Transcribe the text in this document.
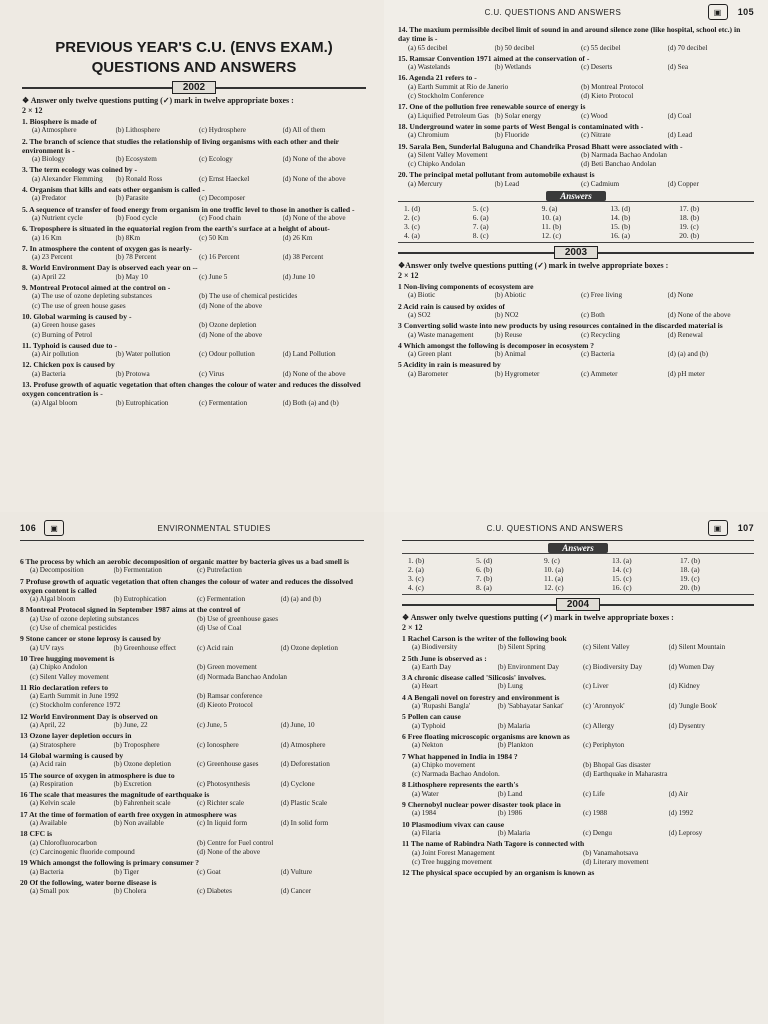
PREVIOUS YEAR'S C.U. (ENVS EXAM.)
QUESTIONS AND ANSWERS
2002
❖ Answer only twelve questions putting (✓) mark in twelve appropriate boxes :
2 × 12
1. Biosphere is made of
(a) Atmosphere	(b) Lithosphere	(c) Hydrosphere	(d) All of them
2. The branch of science that studies the relationship of living organisms with each other and their environment is -
(a) Biology	(b) Ecosystem	(c) Ecology	(d) None of the above
3. The term ecology was coined by -
(a) Alexander Flemming	(b) Ronald Ross	(c) Ernst Haeckel	(d) None of the above
4. Organism that kills and eats other organism is called -
(a) Predator	(b) Parasite	(c) Decomposer
5. A sequence of transfer of food energy from organism in one troffic level to those in another is called -
(a) Nutrient cycle	(b) Food cycle	(c) Food chain	(d) None of the above
6. Troposphere is situated in the equatorial region from the earth's surface at a height of about-
(a) 16 Km	(b) 8Km	(c) 50 Km	(d) 26 Km
7. In atmosphere the content of oxygen gas is nearly-
(a) 23 Percent	(b) 78 Percent	(c) 16 Percent	(d) 38 Percent
8. World Environment Day is observed each year on --
(a) April 22	(b) May 10	(c) June 5	(d) June 10
9. Montreal Protocol aimed at the control on -
(a) The use of ozone depleting substances	(b) The use of chemical pesticides
(c) The use of green house gases	(d) None of the above
10. Global warming is caused by -
(a) Green house gases	(b) Ozone depletion
(c) Burning of Petrol	(d) None of the above
11. Typhoid is caused due to -
(a) Air pollution	(b) Water pollution	(c) Odour pollution	(d) Land Pollution
12. Chicken pox is caused by
(a) Bacteria	(b) Protowa	(c) Virus	(d) None of the above
13. Profuse growth of aquatic vegetation that often changes the colour of water and reduces the dissolved oxygen concentration is -
(a) Algal bloom	(b) Eutrophication	(c) Fermentation	(d) Both (a) and (b)
C.U. QUESTIONS AND ANSWERS	▣	105
14. The maxium permissible decibel limit of sound in and around silence zone (like hospital, school etc.) in day time is -
(a) 65 decibel	(b) 50 decibel	(c) 55 decibel	(d) 70 decibel
15. Ramsar Convention 1971 aimed at the conservation of -
(a) Wastelands	(b) Wetlands	(c) Deserts	(d) Sea
16. Agenda 21 refers to -
(a) Earth Summit at Rio de Janerio	(b) Montreal Protocol
(c) Stockholm Conference	(d) Kieto Protocol
17. One of the pollution free renewable source of energy is
(a) Liquified Petroleum Gas (b) Solar energy	(c) Wood	(d) Coal
18. Underground water in some parts of West Bengal is contaminated with -
(a) Chromium	(b) Fluoride	(c) Nitrate	(d) Lead
19. Sarala Ben, Sunderlal Baluguna and Chandrika Prosad Bhatt were associated with -
(a) Silent Valley Movement	(b) Narmada Bachao Andolan
(c) Chipko Andolan	(d) Beti Banchao Andolan
20. The principal metal pollutant from automobile exhaust is
(a) Mercury	(b) Lead	(c) Cadmium	(d) Copper
Answers
1. (d)	5. (c)	9. (a)	13. (d)	17. (b)
2. (c)	6. (a)	10. (a)	14. (b)	18. (b)
3. (c)	7. (a)	11. (b)	15. (b)	19. (c)
4. (a)	8. (c)	12. (c)	16. (a)	20. (b)
2003
❖Answer only twelve questions putting (✓) mark in twelve appropriate boxes :
2 × 12
1 Non-living components of ecosystem are
(a) Biotic	(b) Abiotic	(c) Free living	(d) None
2 Acid rain is caused by oxides of
(a) SO2	(b) NO2	(c) Both	(d) None of the above
3 Converting solid waste into new products by using resources contained in the discarded material is
(a) Waste management	(b) Reuse	(c) Recycling	(d) Renewal
4 Which amongst the following is decomposer in ecosystem ?
(a) Green plant	(b) Animal	(c) Bacteria	(d) (a) and (b)
5 Acidity in rain is measured by
(a) Barometer	(b) Hygrometer	(c) Ammeter	(d) pH meter
106	▣	ENVIRONMENTAL STUDIES
6 The process by which an aerobic decomposition of organic matter by bacteria gives us a bad smell is
(a) Decomposition	(b) Fermentation	(c) Putrefaction
7 Profuse growth of aquatic vegetation that often changes the colour of water and reduces the dissolved oxygen content is called
(a) Algal bloom	(b) Eutrophication	(c) Fermentation	(d) (a) and (b)
8 Montreal Protocol signed in September 1987 aims at the control of
(a) Use of ozone depleting substances	(b) Use of greenhouse gases
(c) Use of chemical pesticides	(d) Use of Coal
9 Stone cancer or stone leprosy is caused by
(a) UV rays	(b) Greenhouse effect	(c) Acid rain	(d) Ozone depletion
10 Tree hugging movement is
(a) Chipko Andolon	(b) Green movement
(c) Silent Valley movement	(d) Normada Banchao Andolan
11 Rio declaration refers to
(a) Earth Summit in June 1992	(b) Ramsar conference
(c) Stockholm conference 1972	(d) Kieoto Protocol
12 World Environment Day is observed on
(a) April, 22	(b) June, 22	(c) June, 5	(d) June, 10
13 Ozone layer depletion occurs in
(a) Stratosphere	(b) Troposphere	(c) Ionosphere	(d) Atmosphere
14 Global warming is caused by
(a) Acid rain	(b) Ozone depletion	(c) Greenhouse gases	(d) Deforestation
15 The source of oxygen in atmosphere is due to
(a) Respiration	(b) Excretion	(c) Photosynthesis	(d) Cyclone
16 The scale that measures the magnitude of earthquake is
(a) Kelvin scale	(b) Fahrenheit scale	(c) Richter scale	(d) Plastic Scale
17 At the time of formation of earth free oxygen in atmosphere was
(a) Available	(b) Non available	(c) In liquid form	(d) In solid form
18 CFC is
(a) Chlorofluorocarbon	(b) Centre for Fuel control
(c) Carcinogenic fluoride compound	(d) None of the above
19 Which amongst the following is primary consumer ?
(a) Bacteria	(b) Tiger	(c) Goat	(d) Vulture
20 Of the following, water borne disease is
(a) Small pox	(b) Cholera	(c) Diabetes	(d) Cancer
C.U. QUESTIONS AND ANSWERS	▣	107
Answers
1. (b)	5. (d)	9. (c)	13. (a)	17. (b)
2. (a)	6. (b)	10. (a)	14. (c)	18. (a)
3. (c)	7. (b)	11. (a)	15. (c)	19. (c)
4. (c)	8. (a)	12. (c)	16. (c)	20. (b)
2004
❖ Answer only twelve questions putting (✓) mark in twelve appropriate boxes :
2 × 12
1 Rachel Carson is the writer of the following book
(a) Biodiversity	(b) Silent Spring	(c) Silent Valley	(d) Silent Mountain
2 5th June is observed as :
(a) Earth Day	(b) Environment Day	(c) Biodiversity Day	(d) Women Day
3 A chronic disease called 'Silicosis' involves.
(a) Heart	(b) Lung	(c) Liver	(d) Kidney
4 A Bengali novel on forestry and environment is
(a) 'Rupashi Bangla'	(b) 'Sabhayatar Sankat'	(c) 'Aronnyok'	(d) 'Jungle Book'
5 Pollen can cause
(a) Typhoid	(b) Malaria	(c) Allergy	(d) Dysentry
6 Free floating microscopic organisms are known as
(a) Nekton	(b) Plankton	(c) Periphyton
7 What happened in India in 1984 ?
(a) Chipko movement	(b) Bhopal Gas disaster
(c) Narmada Bachao Andolon.	(d) Earthquake in Maharastra
8 Lithosphere represents the earth's
(a) Water	(b) Land	(c) Life	(d) Air
9 Chernobyl nuclear power disaster took place in
(a) 1984	(b) 1986	(c) 1988	(d) 1992
10 Plasmodium vivax can cause
(a) Filaria	(b) Malaria	(c) Dengu	(d) Leprosy
11 The name of Rabindra Nath Tagore is connected with
(a) Joint Forest Management	(b) Vanamahotsava
(c) Tree hugging movement	(d) Literary movement
12 The physical space occupied by an organism is known as
